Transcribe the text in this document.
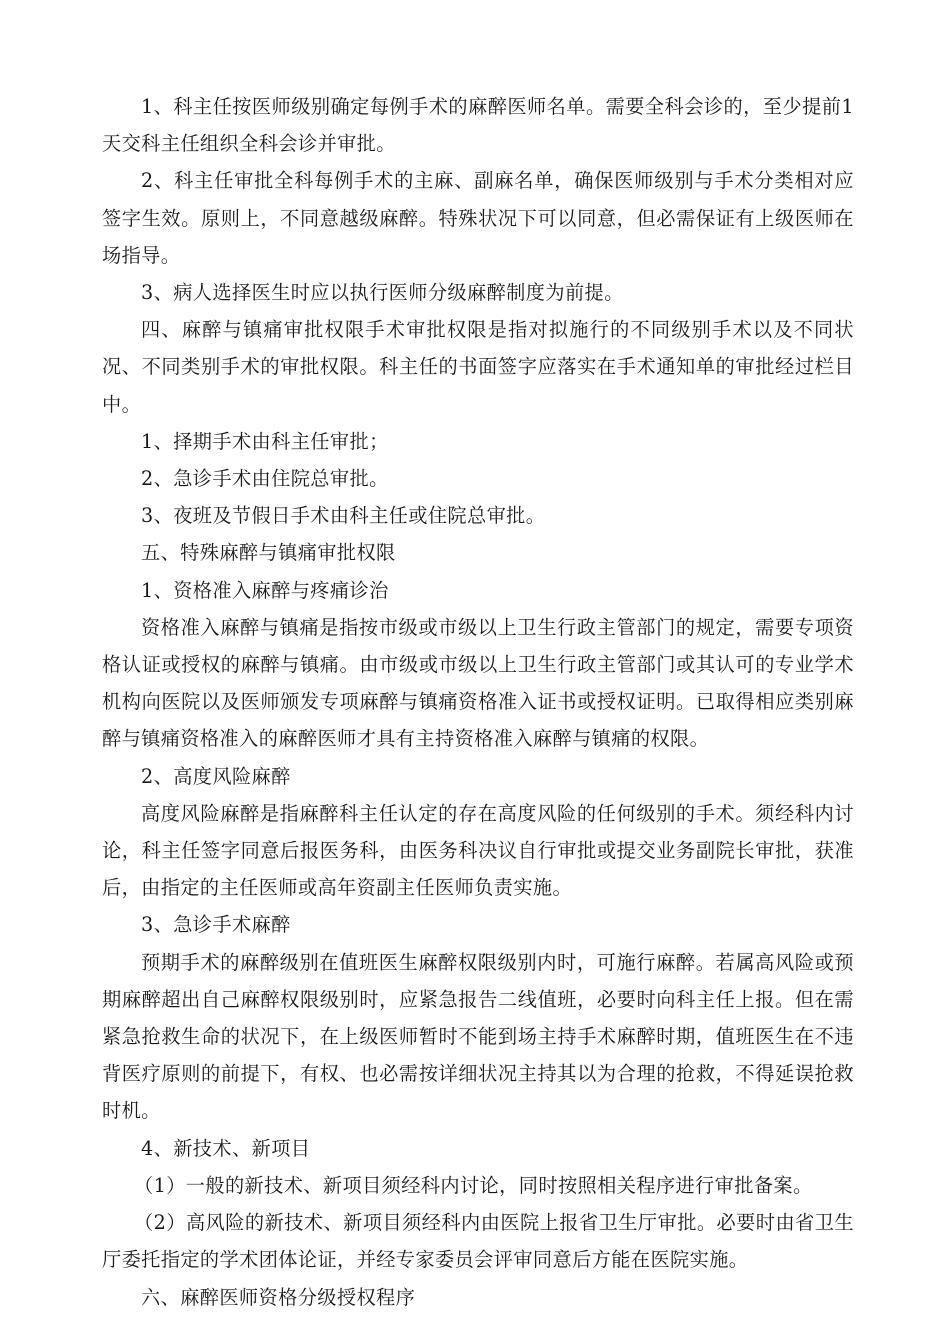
1、科主任按医师级别确定每例手术的麻醉医师名单。需要全科会诊的，至少提前1天交科主任组织全科会诊并审批。

2、科主任审批全科每例手术的主麻、副麻名单，确保医师级别与手术分类相对应签字生效。原则上，不同意越级麻醉。特殊状况下可以同意，但必需保证有上级医师在场指导。

3、病人选择医生时应以执行医师分级麻醉制度为前提。

四、麻醉与镇痛审批权限手术审批权限是指对拟施行的不同级别手术以及不同状况、不同类别手术的审批权限。科主任的书面签字应落实在手术通知单的审批经过栏目中。

1、择期手术由科主任审批；

2、急诊手术由住院总审批。

3、夜班及节假日手术由科主任或住院总审批。

五、特殊麻醉与镇痛审批权限

1、资格准入麻醉与疼痛诊治

资格准入麻醉与镇痛是指按市级或市级以上卫生行政主管部门的规定，需要专项资格认证或授权的麻醉与镇痛。由市级或市级以上卫生行政主管部门或其认可的专业学术机构向医院以及医师颁发专项麻醉与镇痛资格准入证书或授权证明。已取得相应类别麻醉与镇痛资格准入的麻醉医师才具有主持资格准入麻醉与镇痛的权限。

2、高度风险麻醉

高度风险麻醉是指麻醉科主任认定的存在高度风险的任何级别的手术。须经科内讨论，科主任签字同意后报医务科，由医务科决议自行审批或提交业务副院长审批，获准后，由指定的主任医师或高年资副主任医师负责实施。

3、急诊手术麻醉

预期手术的麻醉级别在值班医生麻醉权限级别内时，可施行麻醉。若属高风险或预期麻醉超出自己麻醉权限级别时，应紧急报告二线值班，必要时向科主任上报。但在需紧急抢救生命的状况下，在上级医师暂时不能到场主持手术麻醉时期，值班医生在不违背医疗原则的前提下，有权、也必需按详细状况主持其以为合理的抢救，不得延误抢救时机。

4、新技术、新项目

（1）一般的新技术、新项目须经科内讨论，同时按照相关程序进行审批备案。

（2）高风险的新技术、新项目须经科内由医院上报省卫生厅审批。必要时由省卫生厅委托指定的学术团体论证，并经专家委员会评审同意后方能在医院实施。

六、麻醉医师资格分级授权程序
